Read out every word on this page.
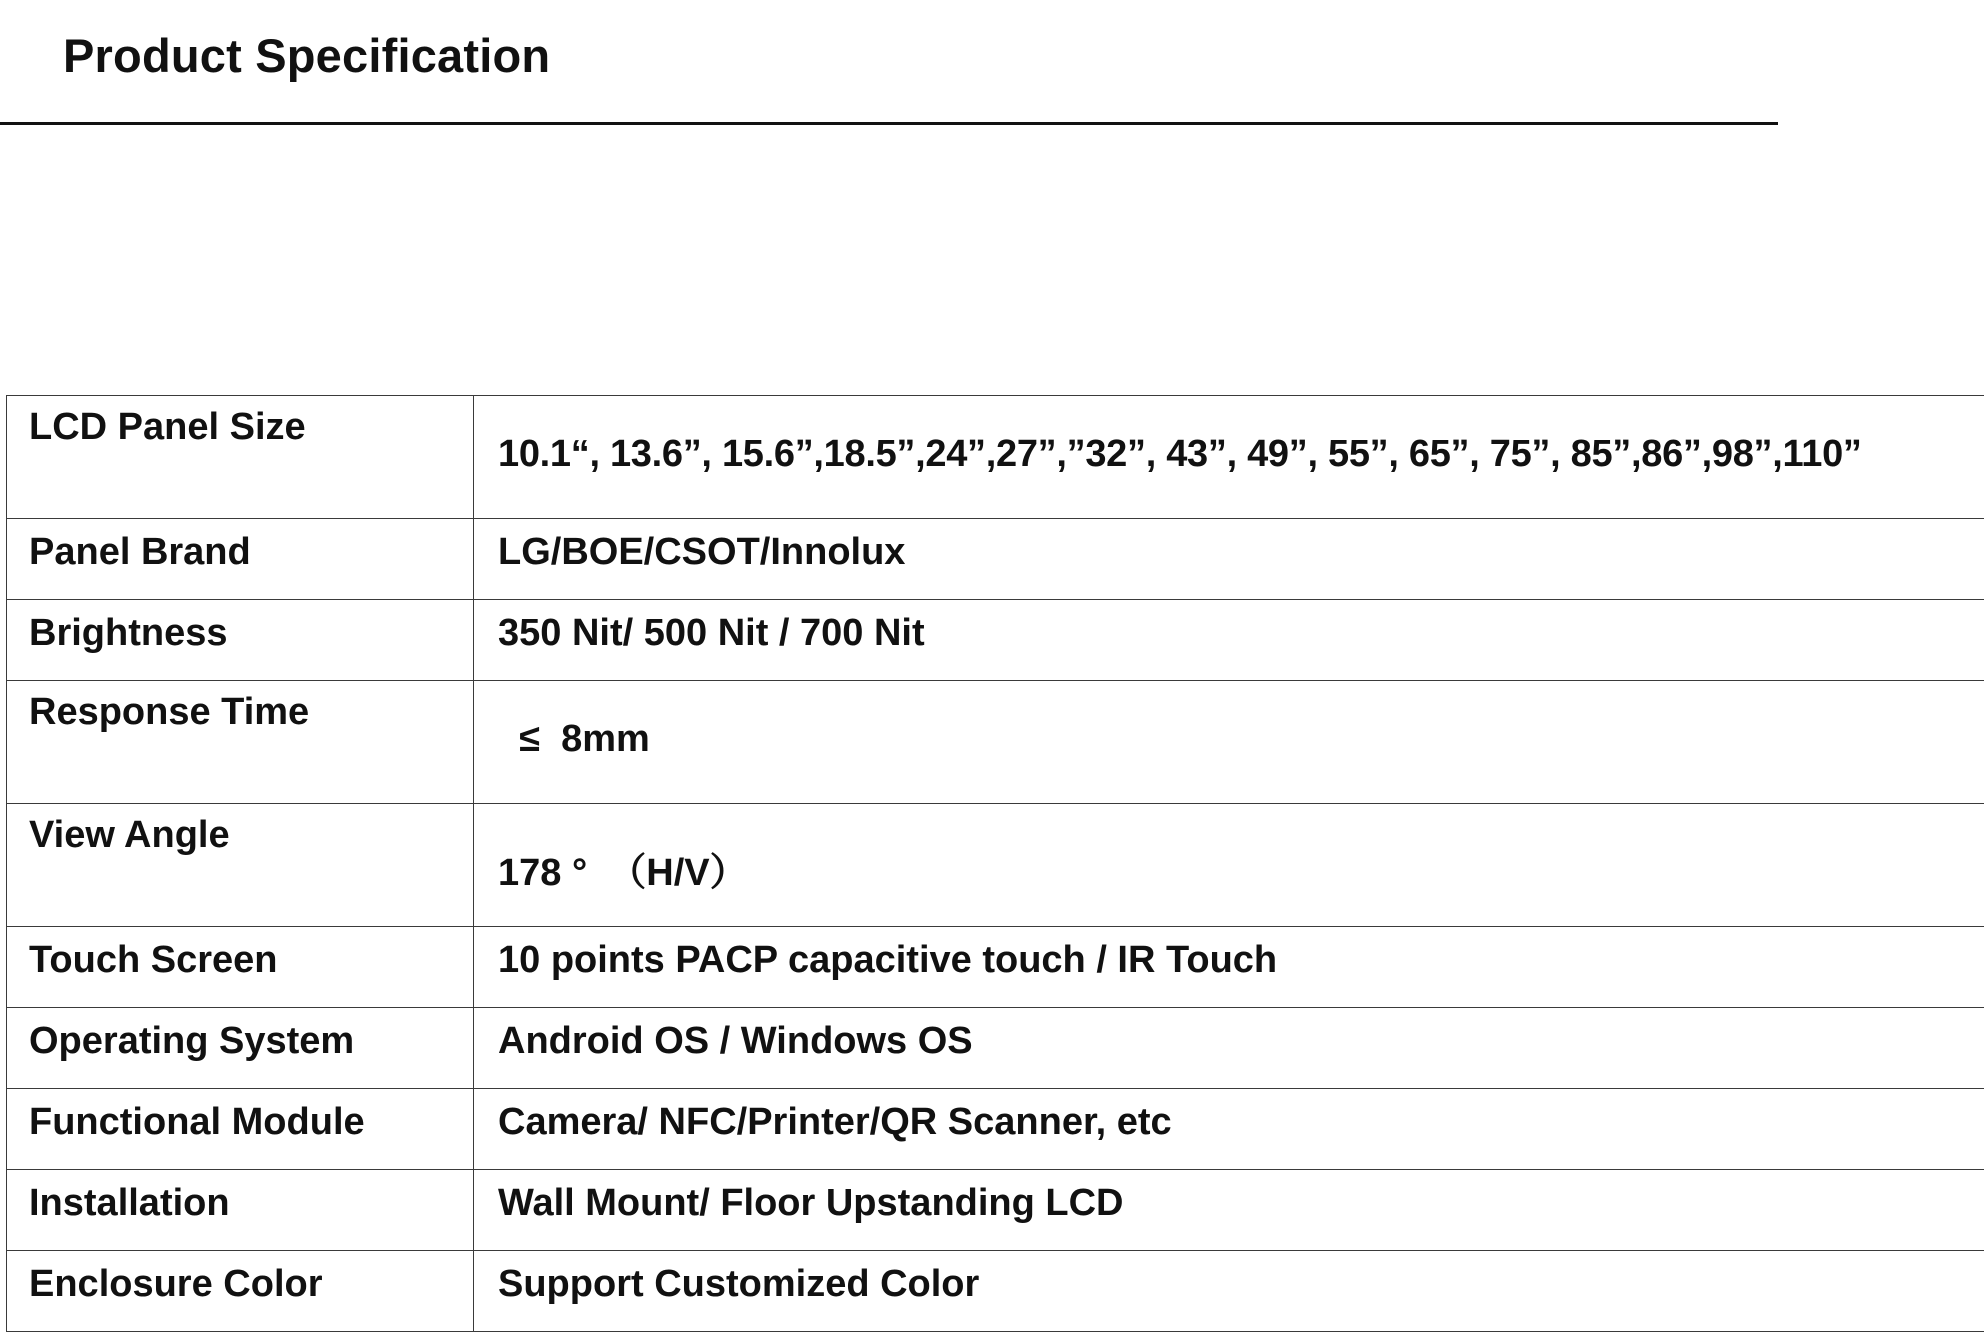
Product Specification
LCD Panel Size	10.1“, 13.6”, 15.6”,18.5”,24”,27”,”32”, 43”, 49”, 55”, 65”, 75”, 85”,86”,98”,110”

Panel Brand	LG/BOE/CSOT/Innolux

Brightness	350 Nit/ 500 Nit / 700 Nit

Response Time	≤  8mm

View Angle	178 °  （H/V）

Touch Screen	10 points PACP capacitive touch / IR Touch

Operating System	Android OS / Windows OS

Functional Module	Camera/ NFC/Printer/QR Scanner, etc

Installation	Wall Mount/ Floor Upstanding LCD

Enclosure Color	Support Customized Color
